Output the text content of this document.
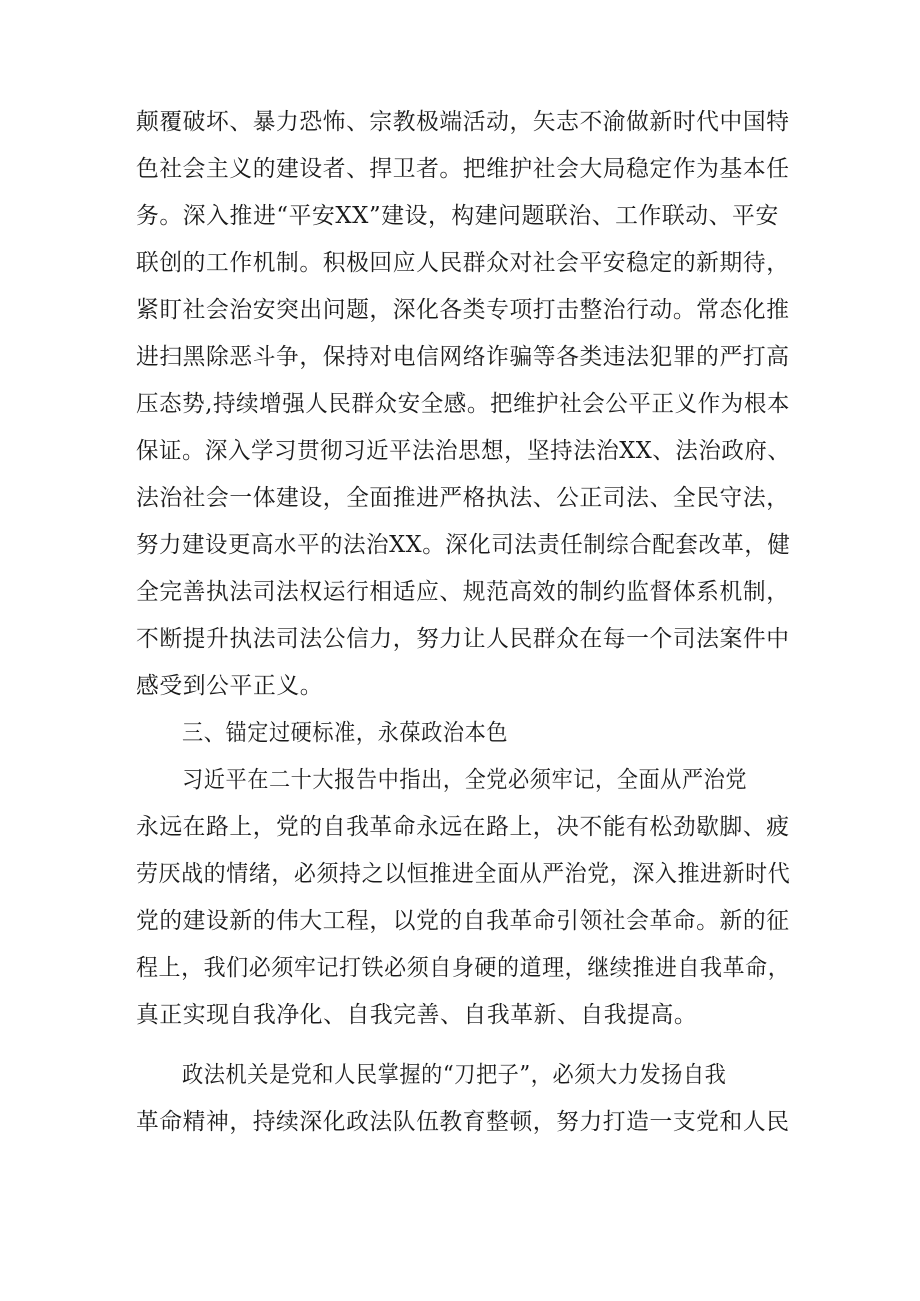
颠覆破坏、暴力恐怖、宗教极端活动，矢志不渝做新时代中国特
色社会主义的建设者、捍卫者。把维护社会大局稳定作为基本任
务。深入推进“平安XX”建设，构建问题联治、工作联动、平安
联创的工作机制。积极回应人民群众对社会平安稳定的新期待，
紧盯社会治安突出问题，深化各类专项打击整治行动。常态化推
进扫黑除恶斗争，保持对电信网络诈骗等各类违法犯罪的严打高
压态势,持续增强人民群众安全感。把维护社会公平正义作为根本
保证。深入学习贯彻习近平法治思想，坚持法治XX、法治政府、
法治社会一体建设，全面推进严格执法、公正司法、全民守法，
努力建设更高水平的法治XX。深化司法责任制综合配套改革，健
全完善执法司法权运行相适应、规范高效的制约监督体系机制，
不断提升执法司法公信力，努力让人民群众在每一个司法案件中
感受到公平正义。
三、锚定过硬标准，永葆政治本色
习近平在二十大报告中指出，全党必须牢记，全面从严治党
永远在路上，党的自我革命永远在路上，决不能有松劲歇脚、疲
劳厌战的情绪，必须持之以恒推进全面从严治党，深入推进新时代
党的建设新的伟大工程，以党的自我革命引领社会革命。新的征
程上，我们必须牢记打铁必须自身硬的道理，继续推进自我革命，
真正实现自我净化、自我完善、自我革新、自我提高。
政法机关是党和人民掌握的“刀把子”，必须大力发扬自我
革命精神，持续深化政法队伍教育整顿，努力打造一支党和人民
